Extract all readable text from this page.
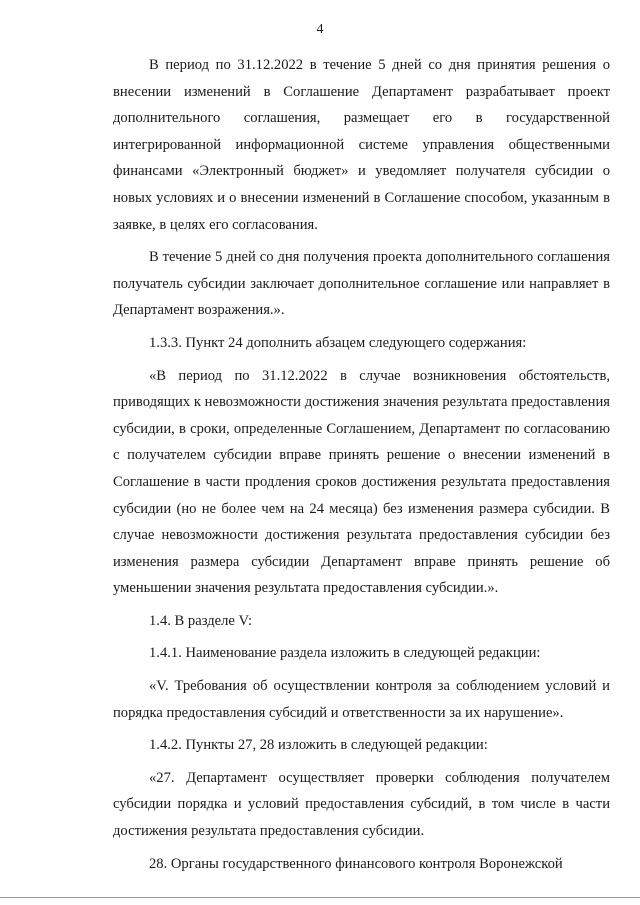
4

В период по 31.12.2022 в течение 5 дней со дня принятия решения о внесении изменений в Соглашение Департамент разрабатывает проект дополнительного соглашения, размещает его в государственной интегрированной информационной системе управления общественными финансами «Электронный бюджет» и уведомляет получателя субсидии о новых условиях и о внесении изменений в Соглашение способом, указанным в заявке, в целях его согласования.

В течение 5 дней со дня получения проекта дополнительного соглашения получатель субсидии заключает дополнительное соглашение или направляет в Департамент возражения.».

1.3.3. Пункт 24 дополнить абзацем следующего содержания:

«В период по 31.12.2022 в случае возникновения обстоятельств, приводящих к невозможности достижения значения результата предоставления субсидии, в сроки, определенные Соглашением, Департамент по согласованию с получателем субсидии вправе принять решение о внесении изменений в Соглашение в части продления сроков достижения результата предоставления субсидии (но не более чем на 24 месяца) без изменения размера субсидии. В случае невозможности достижения результата предоставления субсидии без изменения размера субсидии Департамент вправе принять решение об уменьшении значения результата предоставления субсидии.».

1.4. В разделе V:

1.4.1. Наименование раздела изложить в следующей редакции:

«V. Требования об осуществлении контроля за соблюдением условий и порядка предоставления субсидий и ответственности за их нарушение».

1.4.2. Пункты 27, 28 изложить в следующей редакции:

«27. Департамент осуществляет проверки соблюдения получателем субсидии порядка и условий предоставления субсидий, в том числе в части достижения результата предоставления субсидии.

28. Органы государственного финансового контроля Воронежской
